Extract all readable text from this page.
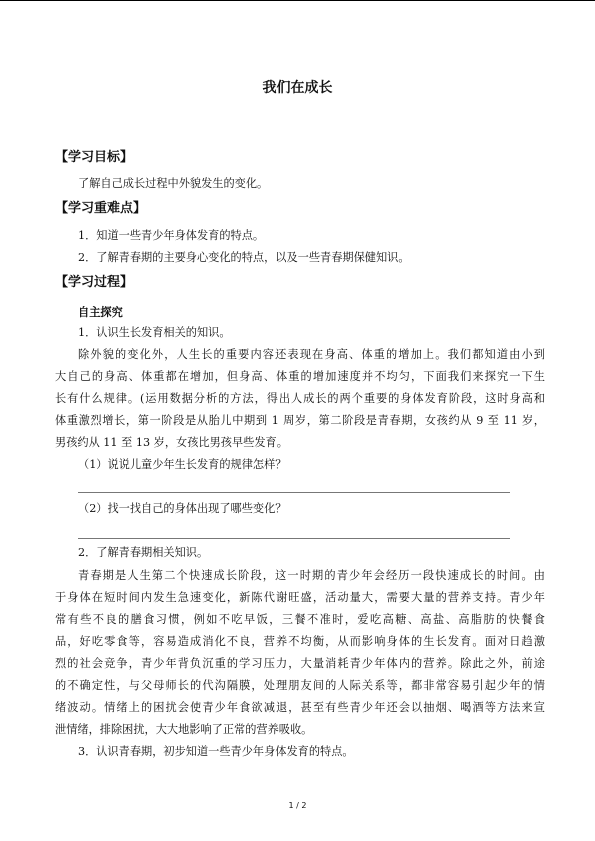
我们在成长
【学习目标】
了解自己成长过程中外貌发生的变化。
【学习重难点】
1．知道一些青少年身体发育的特点。
2．了解青春期的主要身心变化的特点，以及一些青春期保健知识。
【学习过程】
自主探究
1．认识生长发育相关的知识。
除外貌的变化外，人生长的重要内容还表现在身高、体重的增加上。我们都知道由小到
大自己的身高、体重都在增加，但身高、体重的增加速度并不均匀，下面我们来探究一下生
长有什么规律。(运用数据分析的方法，得出人成长的两个重要的身体发育阶段，这时身高和
体重激烈增长，第一阶段是从胎儿中期到 1 周岁，第二阶段是青春期，女孩约从 9 至 11 岁，
男孩约从 11 至 13 岁，女孩比男孩早些发育。
（1）说说儿童少年生长发育的规律怎样？
（2）找一找自己的身体出现了哪些变化？
2．了解青春期相关知识。
青春期是人生第二个快速成长阶段，这一时期的青少年会经历一段快速成长的时间。由
于身体在短时间内发生急速变化，新陈代谢旺盛，活动量大，需要大量的营养支持。青少年
常有些不良的膳食习惯，例如不吃早饭，三餐不准时，爱吃高糖、高盐、高脂肪的快餐食
品，好吃零食等，容易造成消化不良，营养不均衡，从而影响身体的生长发育。面对日趋激
烈的社会竞争，青少年背负沉重的学习压力，大量消耗青少年体内的营养。除此之外，前途
的不确定性，与父母师长的代沟隔膜，处理朋友间的人际关系等，都非常容易引起少年的情
绪波动。情绪上的困扰会使青少年食欲减退，甚至有些青少年还会以抽烟、喝酒等方法来宣
泄情绪，排除困扰，大大地影响了正常的营养吸收。
3．认识青春期，初步知道一些青少年身体发育的特点。
1 / 2
